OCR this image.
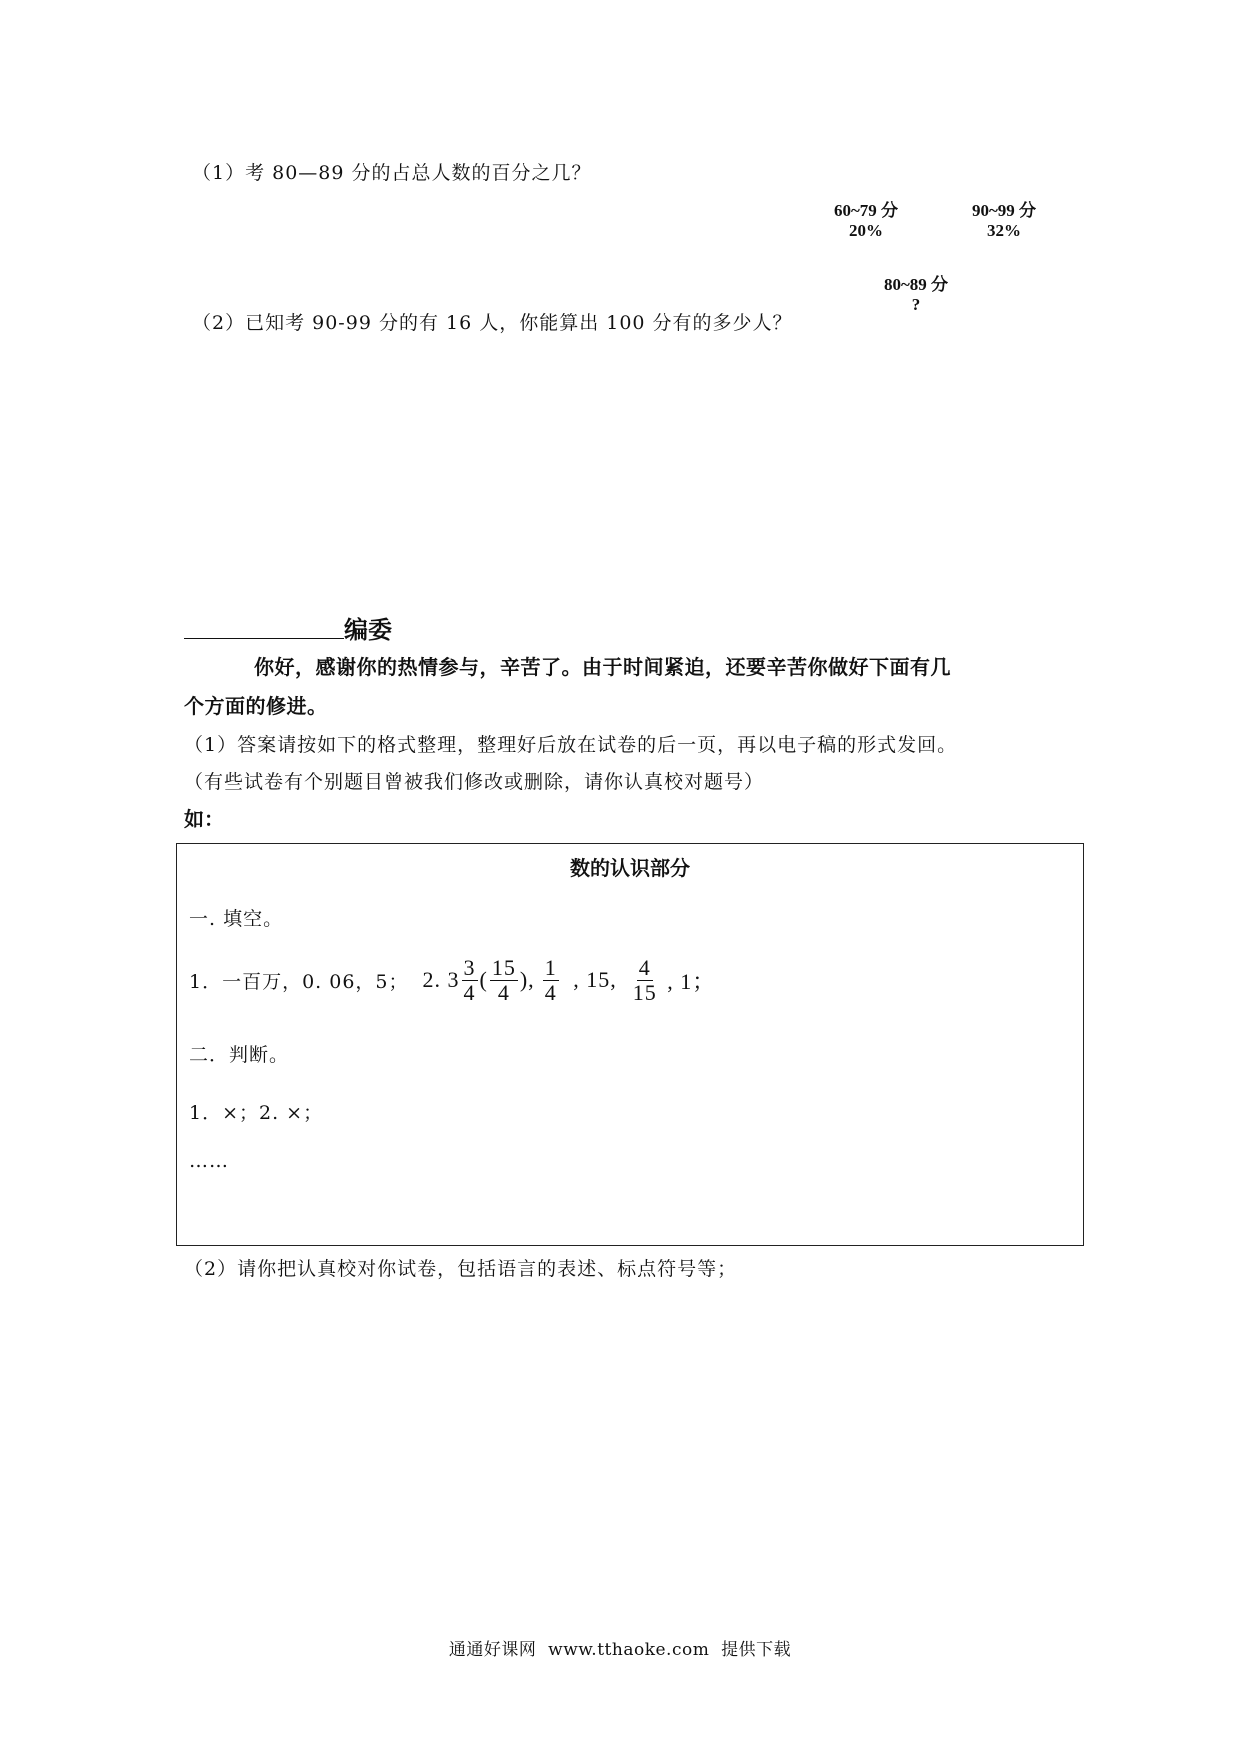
（1）考 80—89 分的占总人数的百分之几？
（2）已知考 90-99 分的有 16 人，你能算出 100 分有的多少人？
60~79 分
20%
90~99 分
32%
80~89 分
?
编委
你好，感谢你的热情参与，辛苦了。由于时间紧迫，还要辛苦你做好下面有几
个方面的修进。
（1）答案请按如下的格式整理，整理好后放在试卷的后一页，再以电子稿的形式发回。
（有些试卷有个别题目曾被我们修改或删除，请你认真校对题号）
如：
数的认识部分
一. 填空。
1．一百万，0. 06，5； 2. $3 \frac{3}{4}$ ( $\frac{15}{4}$ ), $\frac{1}{4}$ , 15, $\frac{4}{15}$ , 1；
二．判断。
1．×；2. ×；
……
（2）请你把认真校对你试卷，包括语言的表述、标点符号等；
通通好课网  www.tthaoke.com  提供下载
